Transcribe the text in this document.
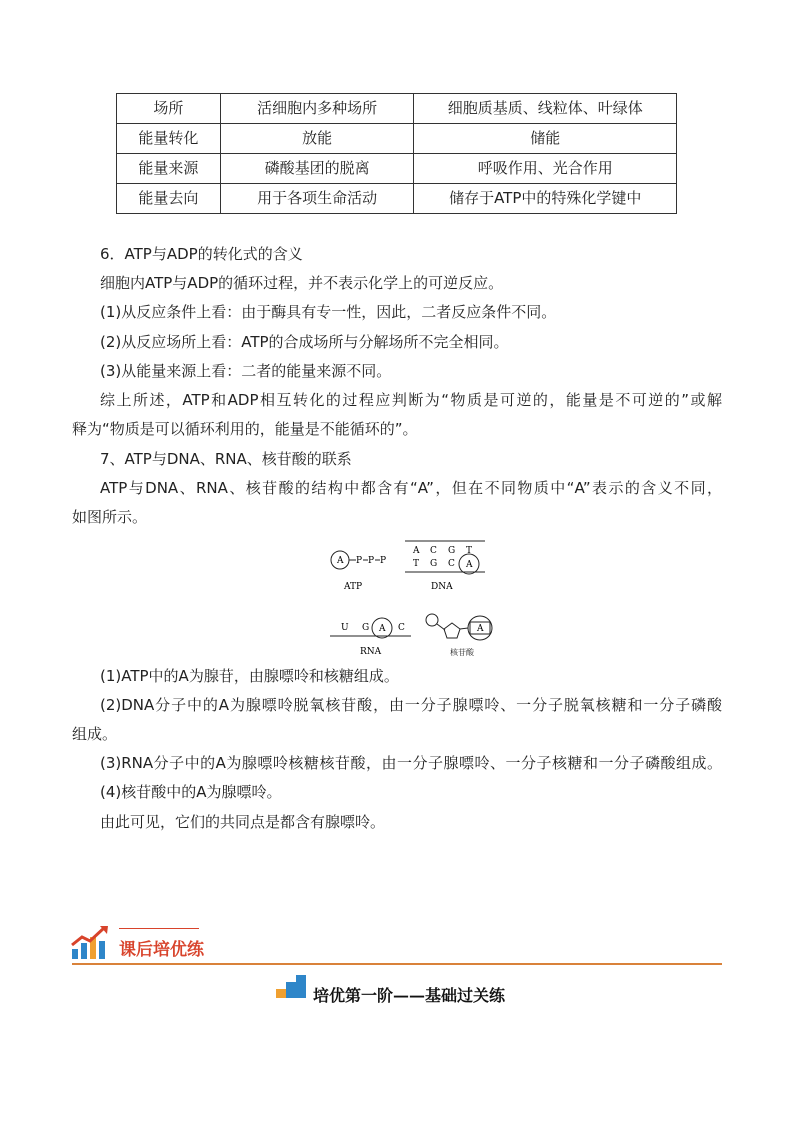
场所	活细胞内多种场所	细胞质基质、线粒体、叶绿体
能量转化	放能	储能
能量来源	磷酸基团的脱离	呼吸作用、光合作用
能量去向	用于各项生命活动	储存于ATP中的特殊化学键中
6．ATP与ADP的转化式的含义
细胞内ATP与ADP的循环过程，并不表示化学上的可逆反应。
(1)从反应条件上看：由于酶具有专一性，因此，二者反应条件不同。
(2)从反应场所上看：ATP的合成场所与分解场所不完全相同。
(3)从能量来源上看：二者的能量来源不同。
综上所述，ATP和ADP相互转化的过程应判断为“物质是可逆的，能量是不可逆的”或解
释为“物质是可以循环利用的，能量是不能循环的”。
7、ATP与DNA、RNA、核苷酸的联系
ATP与DNA、RNA、核苷酸的结构中都含有“A”，但在不同物质中“A”表示的含义不同，
如图所示。
A P P P
ATP
A C G T
T G C A
DNA
U G A C
RNA
A
核苷酸
(1)ATP中的A为腺苷，由腺嘌呤和核糖组成。
(2)DNA分子中的A为腺嘌呤脱氧核苷酸，由一分子腺嘌呤、一分子脱氧核糖和一分子磷酸
组成。
(3)RNA分子中的A为腺嘌呤核糖核苷酸，由一分子腺嘌呤、一分子核糖和一分子磷酸组成。
(4)核苷酸中的A为腺嘌呤。
由此可见，它们的共同点是都含有腺嘌呤。
课后培优练
培优第一阶——基础过关练
